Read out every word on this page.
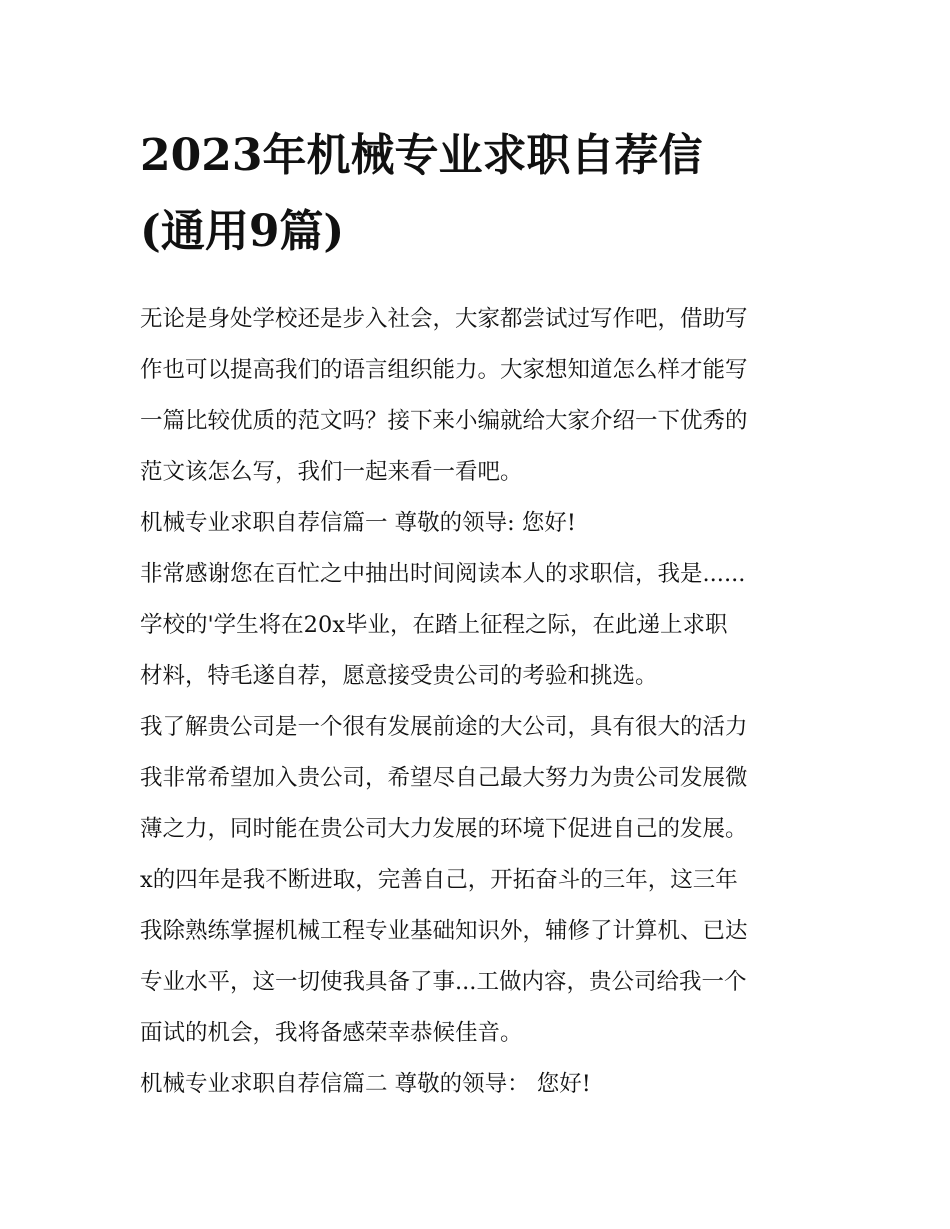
2023年机械专业求职自荐信
(通用9篇)

无论是身处学校还是步入社会，大家都尝试过写作吧，借助写
作也可以提高我们的语言组织能力。大家想知道怎么样才能写
一篇比较优质的范文吗？接下来小编就给大家介绍一下优秀的
范文该怎么写，我们一起来看一看吧。

机械专业求职自荐信篇一 尊敬的领导: 您好!

非常感谢您在百忙之中抽出时间阅读本人的求职信，我是......
学校的'学生将在20x毕业，在踏上征程之际，在此递上求职
材料，特毛遂自荐，愿意接受贵公司的考验和挑选。

我了解贵公司是一个很有发展前途的大公司，具有很大的活力
我非常希望加入贵公司，希望尽自己最大努力为贵公司发展微
薄之力，同时能在贵公司大力发展的环境下促进自己的发展。

x的四年是我不断进取，完善自己，开拓奋斗的三年，这三年
我除熟练掌握机械工程专业基础知识外，辅修了计算机、已达
专业水平，这一切使我具备了事...工做内容，贵公司给我一个
面试的机会，我将备感荣幸恭候佳音。

机械专业求职自荐信篇二 尊敬的领导： 您好!
